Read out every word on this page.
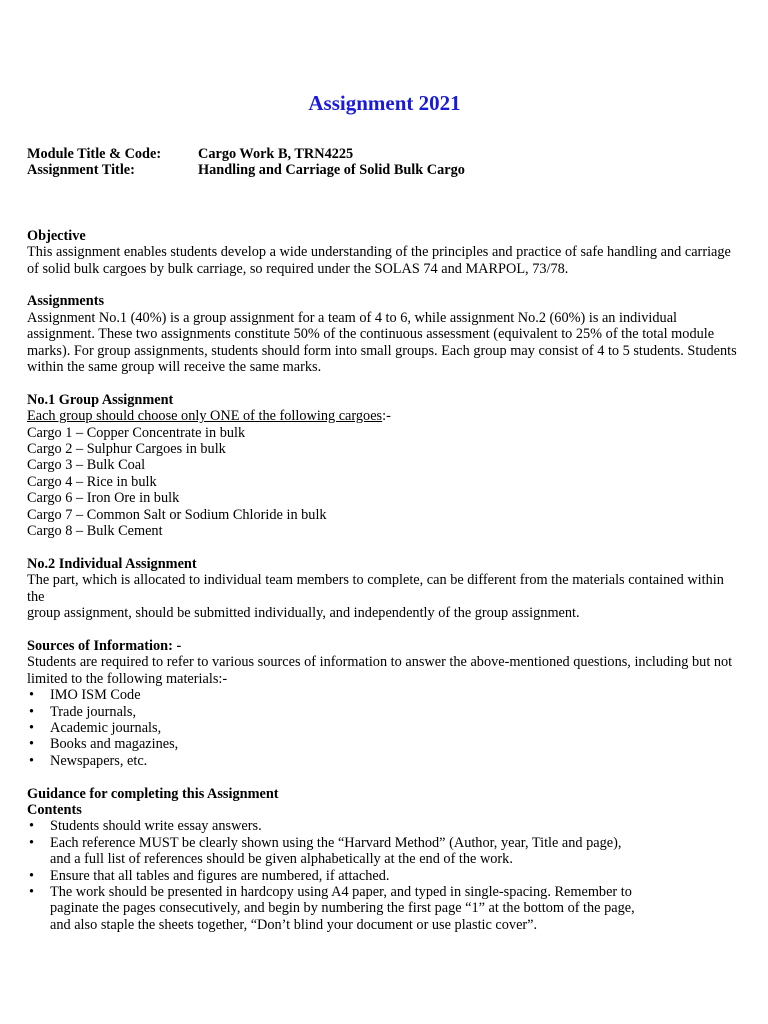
Assignment 2021
Module Title & Code:	Cargo Work B, TRN4225
Assignment Title:	Handling and Carriage of Solid Bulk Cargo
Objective
This assignment enables students develop a wide understanding of the principles and practice of safe handling and carriage
of solid bulk cargoes by bulk carriage, so required under the SOLAS 74 and MARPOL, 73/78.
Assignments
Assignment No.1 (40%) is a group assignment for a team of 4 to 6, while assignment No.2 (60%) is an individual
assignment. These two assignments constitute 50% of the continuous assessment (equivalent to 25% of the total module
marks). For group assignments, students should form into small groups. Each group may consist of 4 to 5 students. Students
within the same group will receive the same marks.
No.1 Group Assignment
Each group should choose only ONE of the following cargoes:-
Cargo 1 – Copper Concentrate in bulk
Cargo 2 – Sulphur Cargoes in bulk
Cargo 3 – Bulk Coal
Cargo 4 – Rice in bulk
Cargo 6 – Iron Ore in bulk
Cargo 7 – Common Salt or Sodium Chloride in bulk
Cargo 8 – Bulk Cement
No.2 Individual Assignment
The part, which is allocated to individual team members to complete, can be different from the materials contained within the
group assignment, should be submitted individually, and independently of the group assignment.
Sources of Information: -
Students are required to refer to various sources of information to answer the above-mentioned questions, including but not
limited to the following materials:-
• IMO ISM Code
• Trade journals,
• Academic journals,
• Books and magazines,
• Newspapers, etc.
Guidance for completing this Assignment
Contents
• Students should write essay answers.
• Each reference MUST be clearly shown using the “Harvard Method” (Author, year, Title and page),
and a full list of references should be given alphabetically at the end of the work.
• Ensure that all tables and figures are numbered, if attached.
• The work should be presented in hardcopy using A4 paper, and typed in single-spacing. Remember to
paginate the pages consecutively, and begin by numbering the first page “1” at the bottom of the page,
and also staple the sheets together, “Don’t blind your document or use plastic cover”.
